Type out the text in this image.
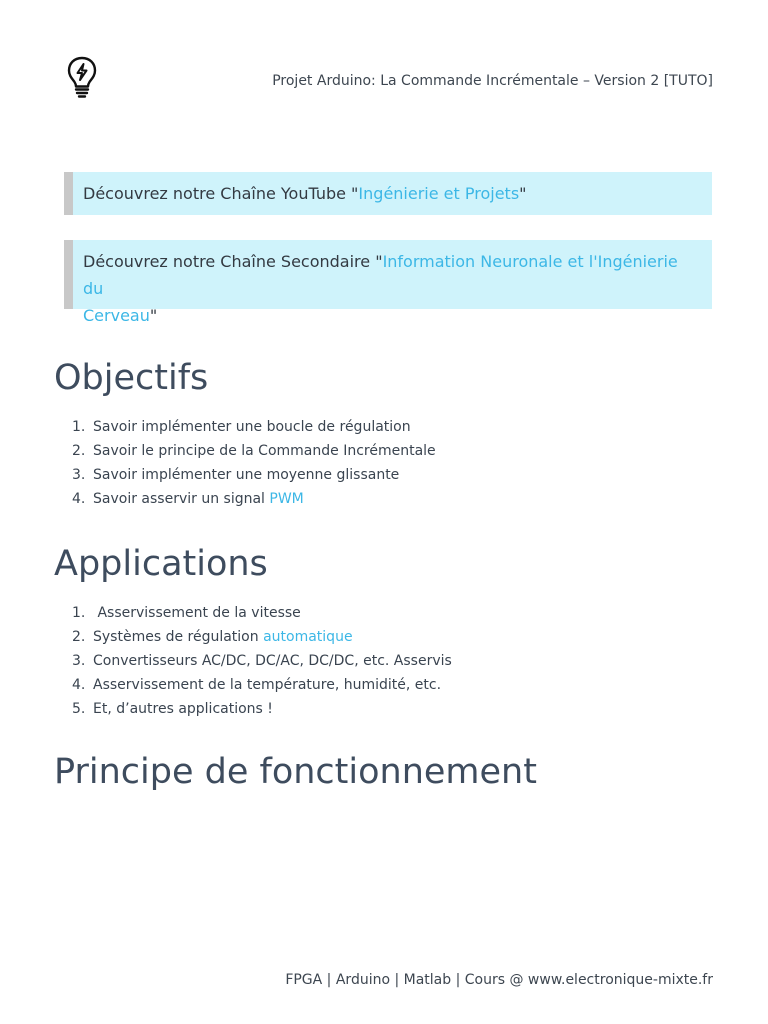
Projet Arduino: La Commande Incrémentale – Version 2 [TUTO]
Découvrez notre Chaîne YouTube "Ingénierie et Projets"
Découvrez notre Chaîne Secondaire "Information Neuronale et l'Ingénierie du
Cerveau"
Objectifs
1. Savoir implémenter une boucle de régulation
2. Savoir le principe de la Commande Incrémentale
3. Savoir implémenter une moyenne glissante
4. Savoir asservir un signal PWM
Applications
1. Asservissement de la vitesse
2. Systèmes de régulation automatique
3. Convertisseurs AC/DC, DC/AC, DC/DC, etc. Asservis
4. Asservissement de la température, humidité, etc.
5. Et, d’autres applications !
Principe de fonctionnement
FPGA | Arduino | Matlab | Cours @ www.electronique-mixte.fr
